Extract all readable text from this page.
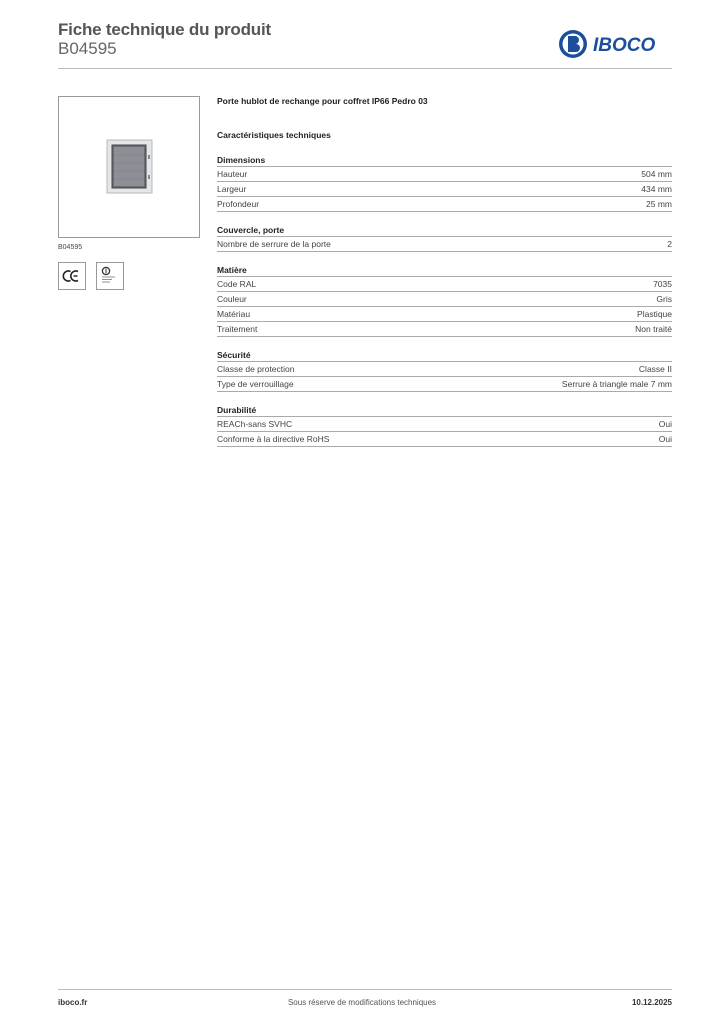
Fiche technique du produit
B04595	IBOCO
B04595
Porte hublot de rechange pour coffret IP66 Pedro 03
Caractéristiques techniques
Dimensions
Hauteur	504 mm
Largeur	434 mm
Profondeur	25 mm
Couvercle, porte
Nombre de serrure de la porte	2
Matière
Code RAL	7035
Couleur	Gris
Matériau	Plastique
Traitement	Non traité
Sécurité
Classe de protection	Classe II
Type de verrouillage	Serrure à triangle male 7 mm
Durabilité
REACh-sans SVHC	Oui
Conforme à la directive RoHS	Oui
iboco.fr	Sous réserve de modifications techniques	10.12.2025
